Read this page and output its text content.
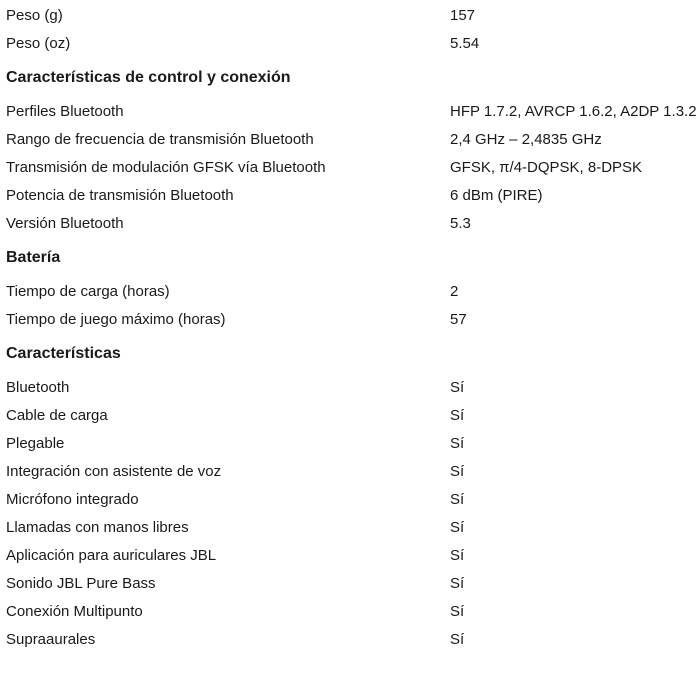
Peso (g)	157
Peso (oz)	5.54
Características de control y conexión
Perfiles Bluetooth	HFP 1.7.2, AVRCP 1.6.2, A2DP 1.3.2
Rango de frecuencia de transmisión Bluetooth	2,4 GHz – 2,4835 GHz
Transmisión de modulación GFSK vía Bluetooth	GFSK, π/4-DQPSK, 8-DPSK
Potencia de transmisión Bluetooth	6 dBm (PIRE)
Versión Bluetooth	5.3
Batería
Tiempo de carga (horas)	2
Tiempo de juego máximo (horas)	57
Características
Bluetooth	Sí
Cable de carga	Sí
Plegable	Sí
Integración con asistente de voz	Sí
Micrófono integrado	Sí
Llamadas con manos libres	Sí
Aplicación para auriculares JBL	Sí
Sonido JBL Pure Bass	Sí
Conexión Multipunto	Sí
Supraaurales	Sí
